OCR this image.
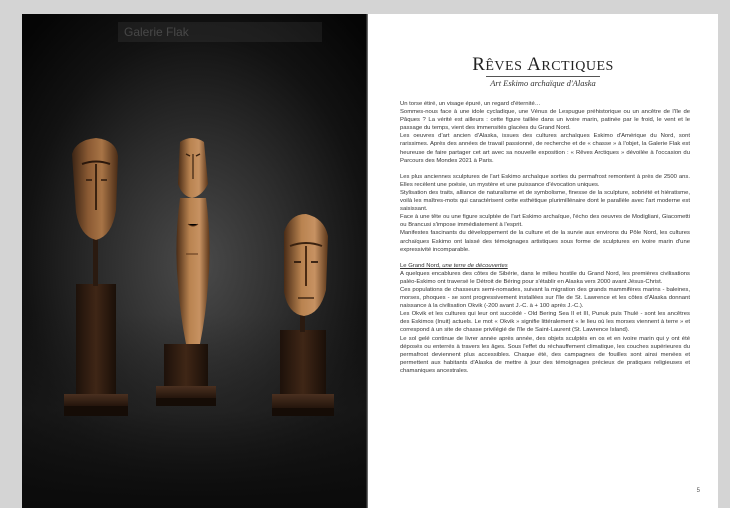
Galerie Flak
RÊVES ARCTIQUES
Art Eskimo archaïque d'Alaska

Un torse étiré, un visage épuré, un regard d'éternité…

Sommes-nous face à une idole cycladique, une Vénus de Lespugue préhistorique ou un ancêtre de l'île de Pâques ? La vérité est ailleurs : cette figure taillée dans un ivoire marin, patinée par le froid, le vent et le passage du temps, vient des immensités glacées du Grand Nord.

Les oeuvres d'art ancien d'Alaska, issues des cultures archaïques Eskimo d'Amérique du Nord, sont rarissimes. Après des années de travail passionné, de recherche et de « chasse » à l'objet, la Galerie Flak est heureuse de faire partager cet art avec sa nouvelle exposition : « Rêves Arctiques » dévoilée à l'occasion du Parcours des Mondes 2021 à Paris.

Les plus anciennes sculptures de l'art Eskimo archaïque sorties du permafrost remontent à près de 2500 ans. Elles recèlent une poésie, un mystère et une puissance d'évocation uniques.

Stylisation des traits, alliance de naturalisme et de symbolisme, finesse de la sculpture, sobriété et hiératisme, voilà les maîtres-mots qui caractérisent cette esthétique plurimillénaire dont le parallèle avec l'art moderne est saisissant.

Face à une tête ou une figure sculptée de l'art Eskimo archaïque, l'écho des oeuvres de Modigliani, Giacometti ou Brancusi s'impose immédiatement à l'esprit.

Manifestes fascinants du développement de la culture et de la survie aux environs du Pôle Nord, les cultures archaïques Eskimo ont laissé des témoignages artistiques sous forme de sculptures en ivoire marin d'une expressivité incomparable.

Le Grand Nord, une terre de découvertes

A quelques encablures des côtes de Sibérie, dans le milieu hostile du Grand Nord, les premières civilisations paléo-Eskimo ont traversé le Détroit de Béring pour s'établir en Alaska vers 2000 avant Jésus-Christ.

Ces populations de chasseurs semi-nomades, suivant la migration des grands mammifères marins - baleines, morses, phoques - se sont progressivement installées sur l'île de St. Lawrence et les côtes d'Alaska donnant naissance à la civilisation Okvik (-200 avant J.-C. à + 100 après J.-C.).

Les Okvik et les cultures qui leur ont succédé - Old Bering Sea II et III, Punuk puis Thulé - sont les ancêtres des Eskimos (Inuit) actuels. Le mot « Okvik » signifie littéralement « le lieu où les morses viennent à terre » et correspond à un site de chasse privilégié de l'île de Saint-Laurent (St. Lawrence Island).

Le sol gelé continue de livrer année après année, des objets sculptés en os et en ivoire marin qui y ont été déposés ou enterrés à travers les âges. Sous l'effet du réchauffement climatique, les couches supérieures du permafrost deviennent plus accessibles. Chaque été, des campagnes de fouilles sont ainsi menées et permettent aux habitants d'Alaska de mettre à jour des témoignages précieux de pratiques religieuses et chamaniques ancestrales.

5
